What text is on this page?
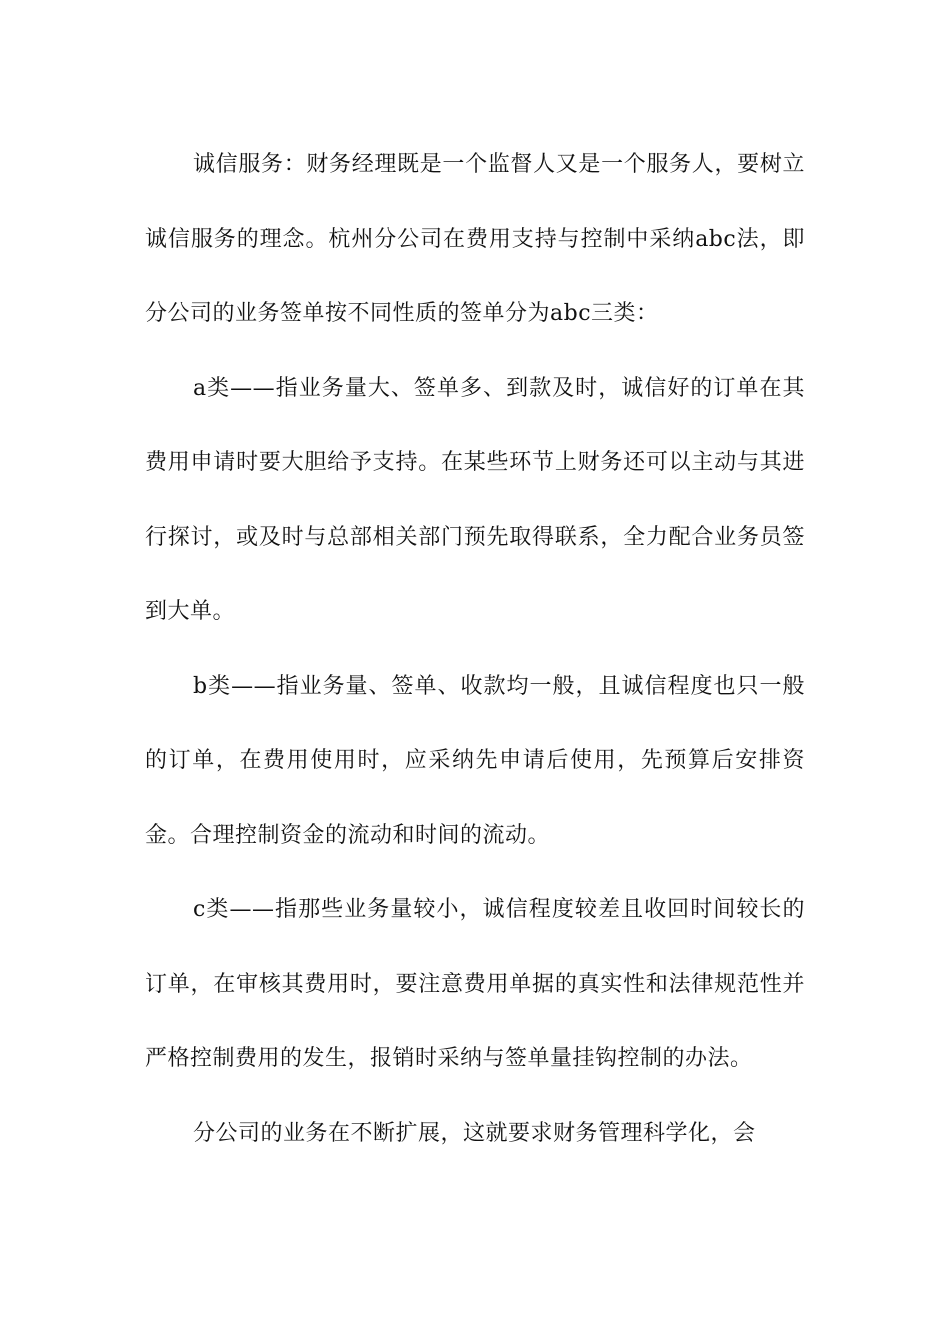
诚信服务：财务经理既是一个监督人又是一个服务人，要树立诚信服务的理念。杭州分公司在费用支持与控制中采纳abc法，即分公司的业务签单按不同性质的签单分为abc三类：

a类——指业务量大、签单多、到款及时，诚信好的订单在其费用申请时要大胆给予支持。在某些环节上财务还可以主动与其进行探讨，或及时与总部相关部门预先取得联系，全力配合业务员签到大单。

b类——指业务量、签单、收款均一般，且诚信程度也只一般的订单，在费用使用时，应采纳先申请后使用，先预算后安排资金。合理控制资金的流动和时间的流动。

c类——指那些业务量较小，诚信程度较差且收回时间较长的订单，在审核其费用时，要注意费用单据的真实性和法律规范性并严格控制费用的发生，报销时采纳与签单量挂钩控制的办法。

分公司的业务在不断扩展，这就要求财务管理科学化，会
